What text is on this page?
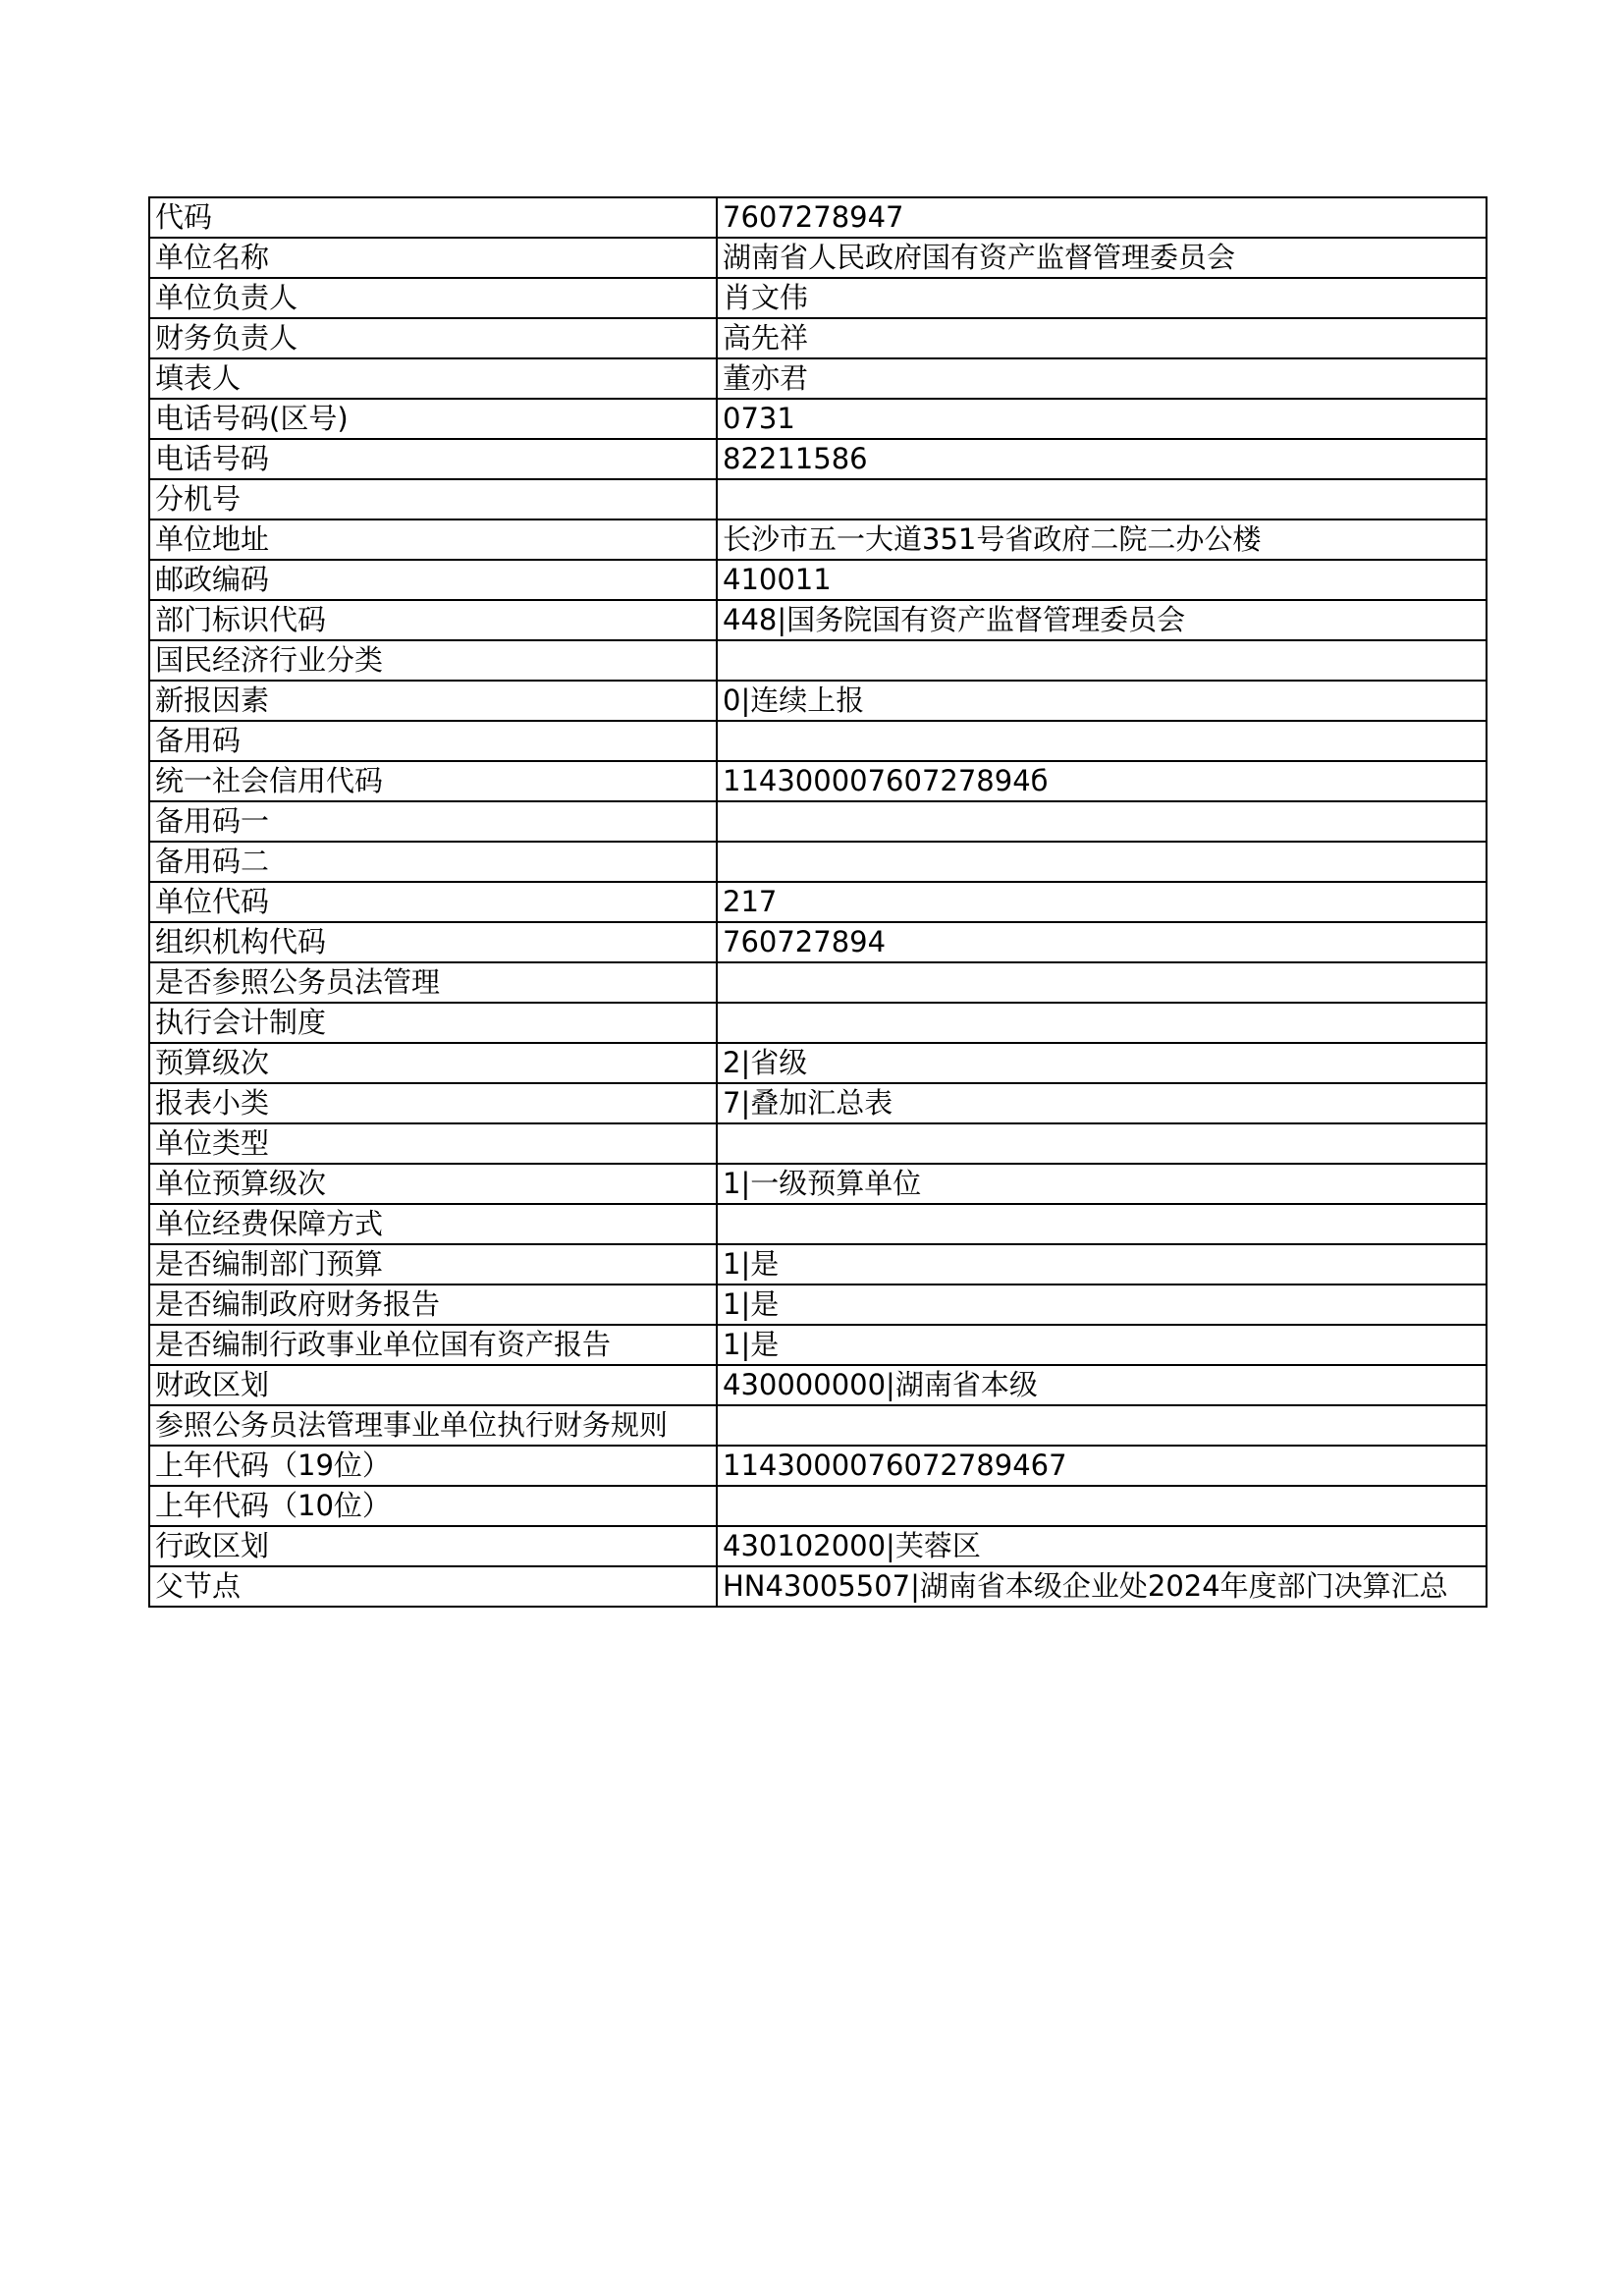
代码	7607278947
单位名称	湖南省人民政府国有资产监督管理委员会
单位负责人	肖文伟
财务负责人	高先祥
填表人	董亦君
电话号码(区号)	0731
电话号码	82211586
分机号	
单位地址	长沙市五一大道351号省政府二院二办公楼
邮政编码	410011
部门标识代码	448|国务院国有资产监督管理委员会
国民经济行业分类	
新报因素	0|连续上报
备用码	
统一社会信用代码	11430000760727894б
备用码一	
备用码二	
单位代码	217
组织机构代码	760727894
是否参照公务员法管理	
执行会计制度	
预算级次	2|省级
报表小类	7|叠加汇总表
单位类型	
单位预算级次	1|一级预算单位
单位经费保障方式	
是否编制部门预算	1|是
是否编制政府财务报告	1|是
是否编制行政事业单位国有资产报告	1|是
财政区划	430000000|湖南省本级
参照公务员法管理事业单位执行财务规则	
上年代码（19位）	1143000076072789467
上年代码（10位）	
行政区划	430102000|芙蓉区
父节点	HN43005507|湖南省本级企业处2024年度部门决算汇总
